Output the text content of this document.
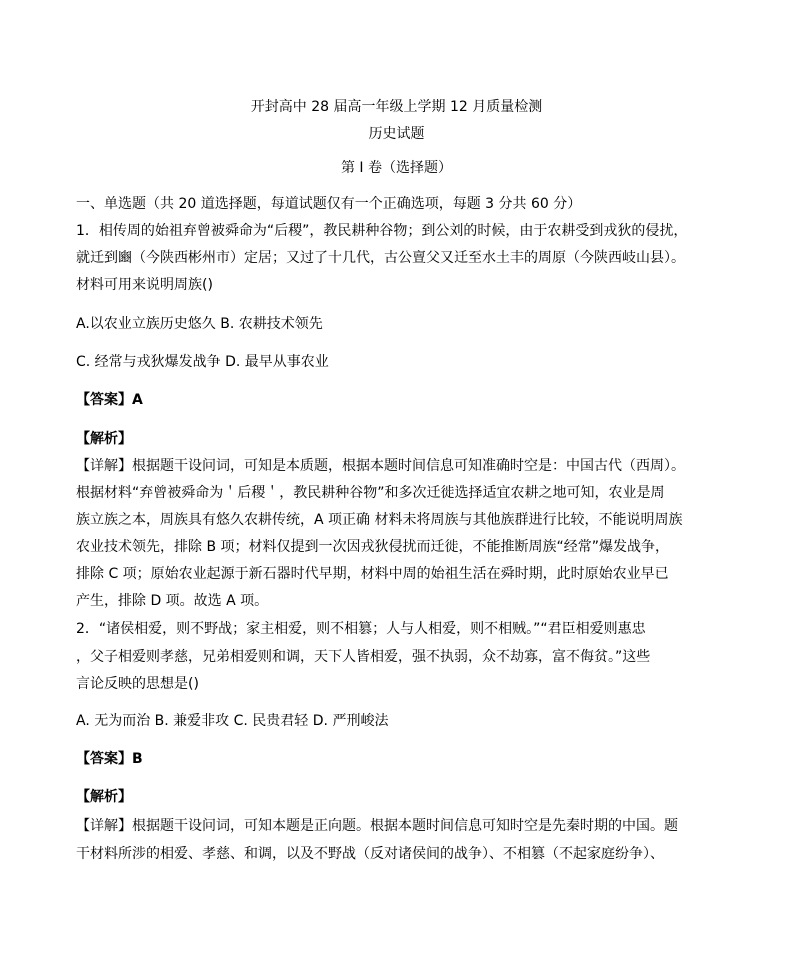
开封高中 28 届高一年级上学期 12 月质量检测
历史试题
第 I 卷（选择题）
一、单选题（共 20 道选择题，每道试题仅有一个正确选项，每题 3 分共 60 分）
1．相传周的始祖弃曾被舜命为“后稷”，教民耕种谷物；到公刘的时候，由于农耕受到戎狄的侵扰，
就迁到豳（今陕西彬州市）定居；又过了十几代，古公亶父又迁至水土丰的周原（今陕西岐山县）。
材料可用来说明周族()
A.以农业立族历史悠久 B. 农耕技术领先
C. 经常与戎狄爆发战争 D. 最早从事农业
【答案】A
【解析】
【详解】根据题干设问词，可知是本质题，根据本题时间信息可知准确时空是：中国古代（西周）。
根据材料“弃曾被舜命为＇后稷＇，教民耕种谷物”和多次迁徙选择适宜农耕之地可知，农业是周
族立族之本，周族具有悠久农耕传统，A 项正确 材料未将周族与其他族群进行比较，不能说明周族
农业技术领先，排除 B 项；材料仅提到一次因戎狄侵扰而迁徙，不能推断周族“经常”爆发战争，
排除 C 项；原始农业起源于新石器时代早期，材料中周的始祖生活在舜时期，此时原始农业早已
产生，排除 D 项。故选 A 项。
2．“诸侯相爱，则不野战；家主相爱，则不相篡；人与人相爱，则不相贼。”“君臣相爱则惠忠
，父子相爱则孝慈，兄弟相爱则和调，天下人皆相爱，强不执弱，众不劫寡，富不侮贫。”这些
言论反映的思想是()
A. 无为而治 B. 兼爱非攻 C. 民贵君轻 D. 严刑峻法
【答案】B
【解析】
【详解】根据题干设问词，可知本题是正向题。根据本题时间信息可知时空是先秦时期的中国。题
干材料所涉的相爱、孝慈、和调，以及不野战（反对诸侯间的战争）、不相篡（不起家庭纷争）、
